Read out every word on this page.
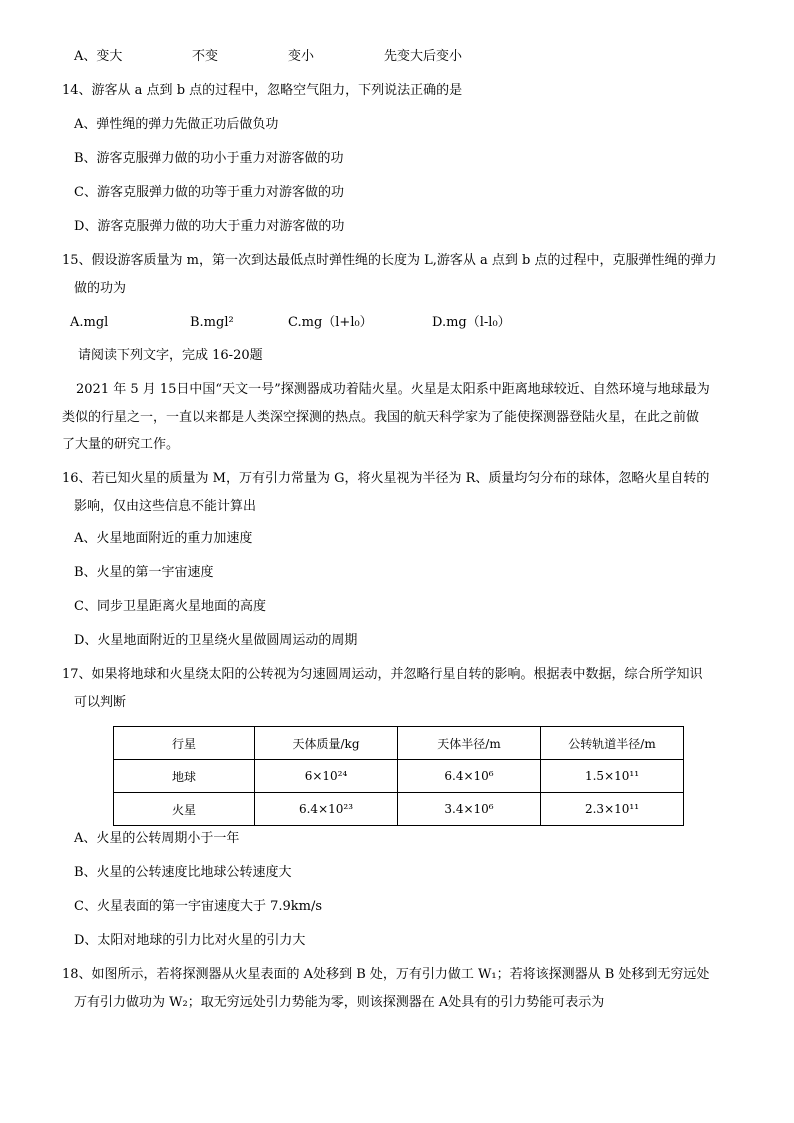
A、变大	不变	变小	先变大后变小
14、游客从 a 点到 b 点的过程中，忽略空气阻力，下列说法正确的是
A、弹性绳的弹力先做正功后做负功
B、游客克服弹力做的功小于重力对游客做的功
C、游客克服弹力做的功等于重力对游客做的功
D、游客克服弹力做的功大于重力对游客做的功
15、假设游客质量为 m，第一次到达最低点时弹性绳的长度为 L,游客从 a 点到 b 点的过程中，克服弹性绳的弹力
做的功为
A.mgl	B.mgl²	C.mg（l+l₀）	D.mg（l-l₀）
请阅读下列文字，完成 16-20题
2021 年 5 月 15日中国“天文一号”探测器成功着陆火星。火星是太阳系中距离地球较近、自然环境与地球最为
类似的行星之一，一直以来都是人类深空探测的热点。我国的航天科学家为了能使探测器登陆火星，在此之前做
了大量的研究工作。
16、若已知火星的质量为 M，万有引力常量为 G，将火星视为半径为 R、质量均匀分布的球体，忽略火星自转的
影响，仅由这些信息不能计算出
A、火星地面附近的重力加速度
B、火星的第一宇宙速度
C、同步卫星距离火星地面的高度
D、火星地面附近的卫星绕火星做圆周运动的周期
17、如果将地球和火星绕太阳的公转视为匀速圆周运动，并忽略行星自转的影响。根据表中数据，综合所学知识
可以判断
行星	天体质量/kg	天体半径/m	公转轨道半径/m
地球	6×10²⁴	6.4×10⁶	1.5×10¹¹
火星	6.4×10²³	3.4×10⁶	2.3×10¹¹
A、火星的公转周期小于一年
B、火星的公转速度比地球公转速度大
C、火星表面的第一宇宙速度大于 7.9km/s
D、太阳对地球的引力比对火星的引力大
18、如图所示，若将探测器从火星表面的 A处移到 B 处，万有引力做工 W₁；若将该探测器从 B 处移到无穷远处
万有引力做功为 W₂；取无穷远处引力势能为零，则该探测器在 A处具有的引力势能可表示为
